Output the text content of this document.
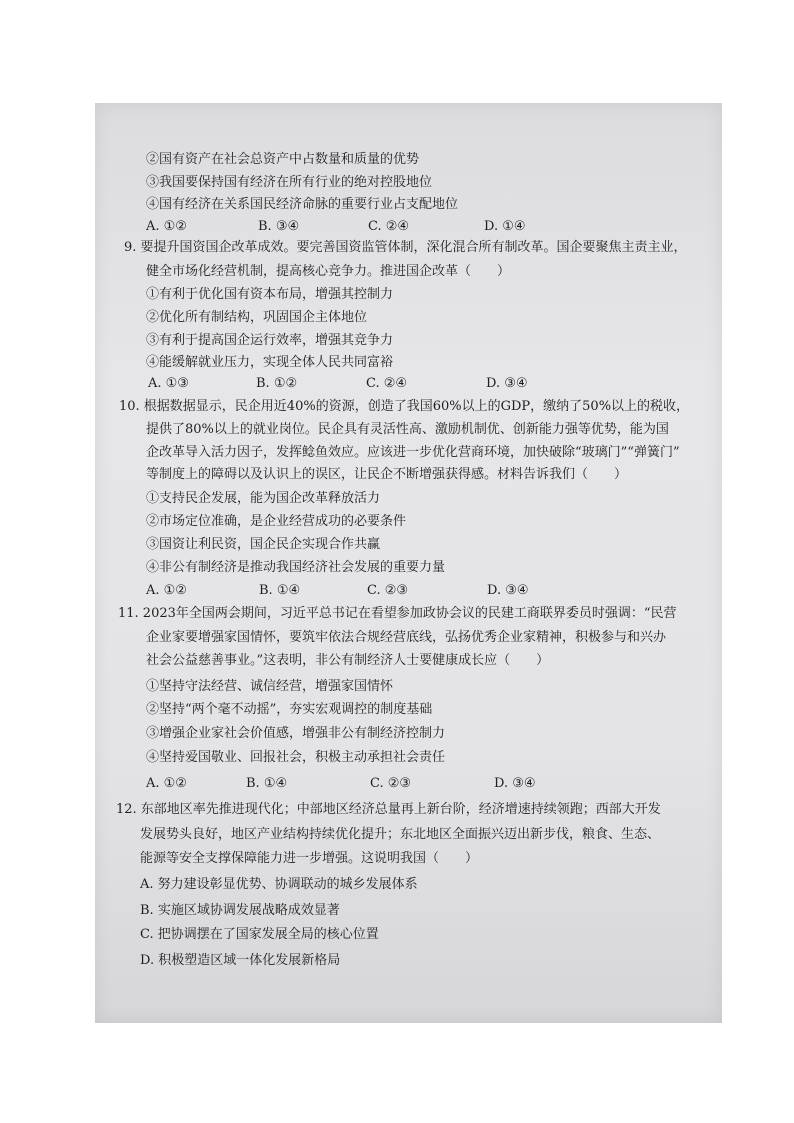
②国有资产在社会总资产中占数量和质量的优势
③我国要保持国有经济在所有行业的绝对控股地位
④国有经济在关系国民经济命脉的重要行业占支配地位
A. ①②	B. ③④	C. ②④	D. ①④
9. 要提升国资国企改革成效。要完善国资监管体制，深化混合所有制改革。国企要聚焦主责主业，
健全市场化经营机制，提高核心竞争力。推进国企改革（　　）
①有利于优化国有资本布局，增强其控制力
②优化所有制结构，巩固国企主体地位
③有利于提高国企运行效率，增强其竞争力
④能缓解就业压力，实现全体人民共同富裕
A. ①③	B. ①②	C. ②④	D. ③④
10. 根据数据显示，民企用近40%的资源，创造了我国60%以上的GDP，缴纳了50%以上的税收，
提供了80%以上的就业岗位。民企具有灵活性高、激励机制优、创新能力强等优势，能为国
企改革导入活力因子，发挥鲶鱼效应。应该进一步优化营商环境，加快破除“玻璃门”“弹簧门”
等制度上的障碍以及认识上的误区，让民企不断增强获得感。材料告诉我们（　　）
①支持民企发展，能为国企改革释放活力
②市场定位准确，是企业经营成功的必要条件
③国资让利民资，国企民企实现合作共赢
④非公有制经济是推动我国经济社会发展的重要力量
A. ①②	B. ①④	C. ②③	D. ③④
11. 2023年全国两会期间，习近平总书记在看望参加政协会议的民建工商联界委员时强调：“民营
企业家要增强家国情怀，要筑牢依法合规经营底线，弘扬优秀企业家精神，积极参与和兴办
社会公益慈善事业。”这表明，非公有制经济人士要健康成长应（　　）
①坚持守法经营、诚信经营，增强家国情怀
②坚持“两个毫不动摇”，夯实宏观调控的制度基础
③增强企业家社会价值感，增强非公有制经济控制力
④坚持爱国敬业、回报社会，积极主动承担社会责任
A. ①②	B. ①④	C. ②③	D. ③④
12. 东部地区率先推进现代化；中部地区经济总量再上新台阶，经济增速持续领跑；西部大开发
发展势头良好，地区产业结构持续优化提升；东北地区全面振兴迈出新步伐，粮食、生态、
能源等安全支撑保障能力进一步增强。这说明我国（　　）
A. 努力建设彰显优势、协调联动的城乡发展体系
B. 实施区域协调发展战略成效显著
C. 把协调摆在了国家发展全局的核心位置
D. 积极塑造区域一体化发展新格局
